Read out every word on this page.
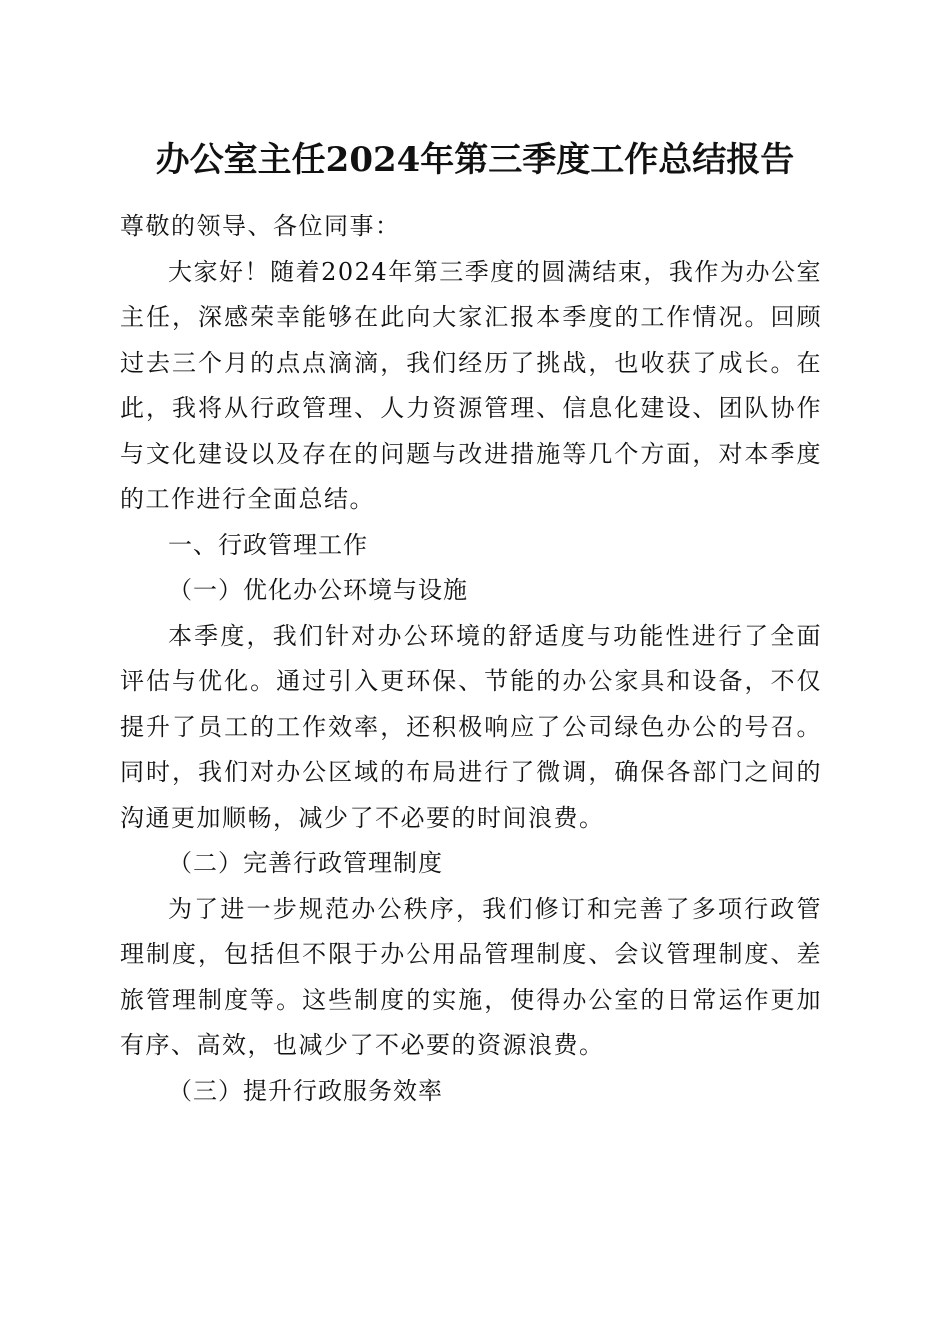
办公室主任2024年第三季度工作总结报告

尊敬的领导、各位同事：

大家好！随着2024年第三季度的圆满结束，我作为办公室主任，深感荣幸能够在此向大家汇报本季度的工作情况。回顾过去三个月的点点滴滴，我们经历了挑战，也收获了成长。在此，我将从行政管理、人力资源管理、信息化建设、团队协作与文化建设以及存在的问题与改进措施等几个方面，对本季度的工作进行全面总结。

一、行政管理工作

（一）优化办公环境与设施

本季度，我们针对办公环境的舒适度与功能性进行了全面评估与优化。通过引入更环保、节能的办公家具和设备，不仅提升了员工的工作效率，还积极响应了公司绿色办公的号召。同时，我们对办公区域的布局进行了微调，确保各部门之间的沟通更加顺畅，减少了不必要的时间浪费。

（二）完善行政管理制度

为了进一步规范办公秩序，我们修订和完善了多项行政管理制度，包括但不限于办公用品管理制度、会议管理制度、差旅管理制度等。这些制度的实施，使得办公室的日常运作更加有序、高效，也减少了不必要的资源浪费。

（三）提升行政服务效率
